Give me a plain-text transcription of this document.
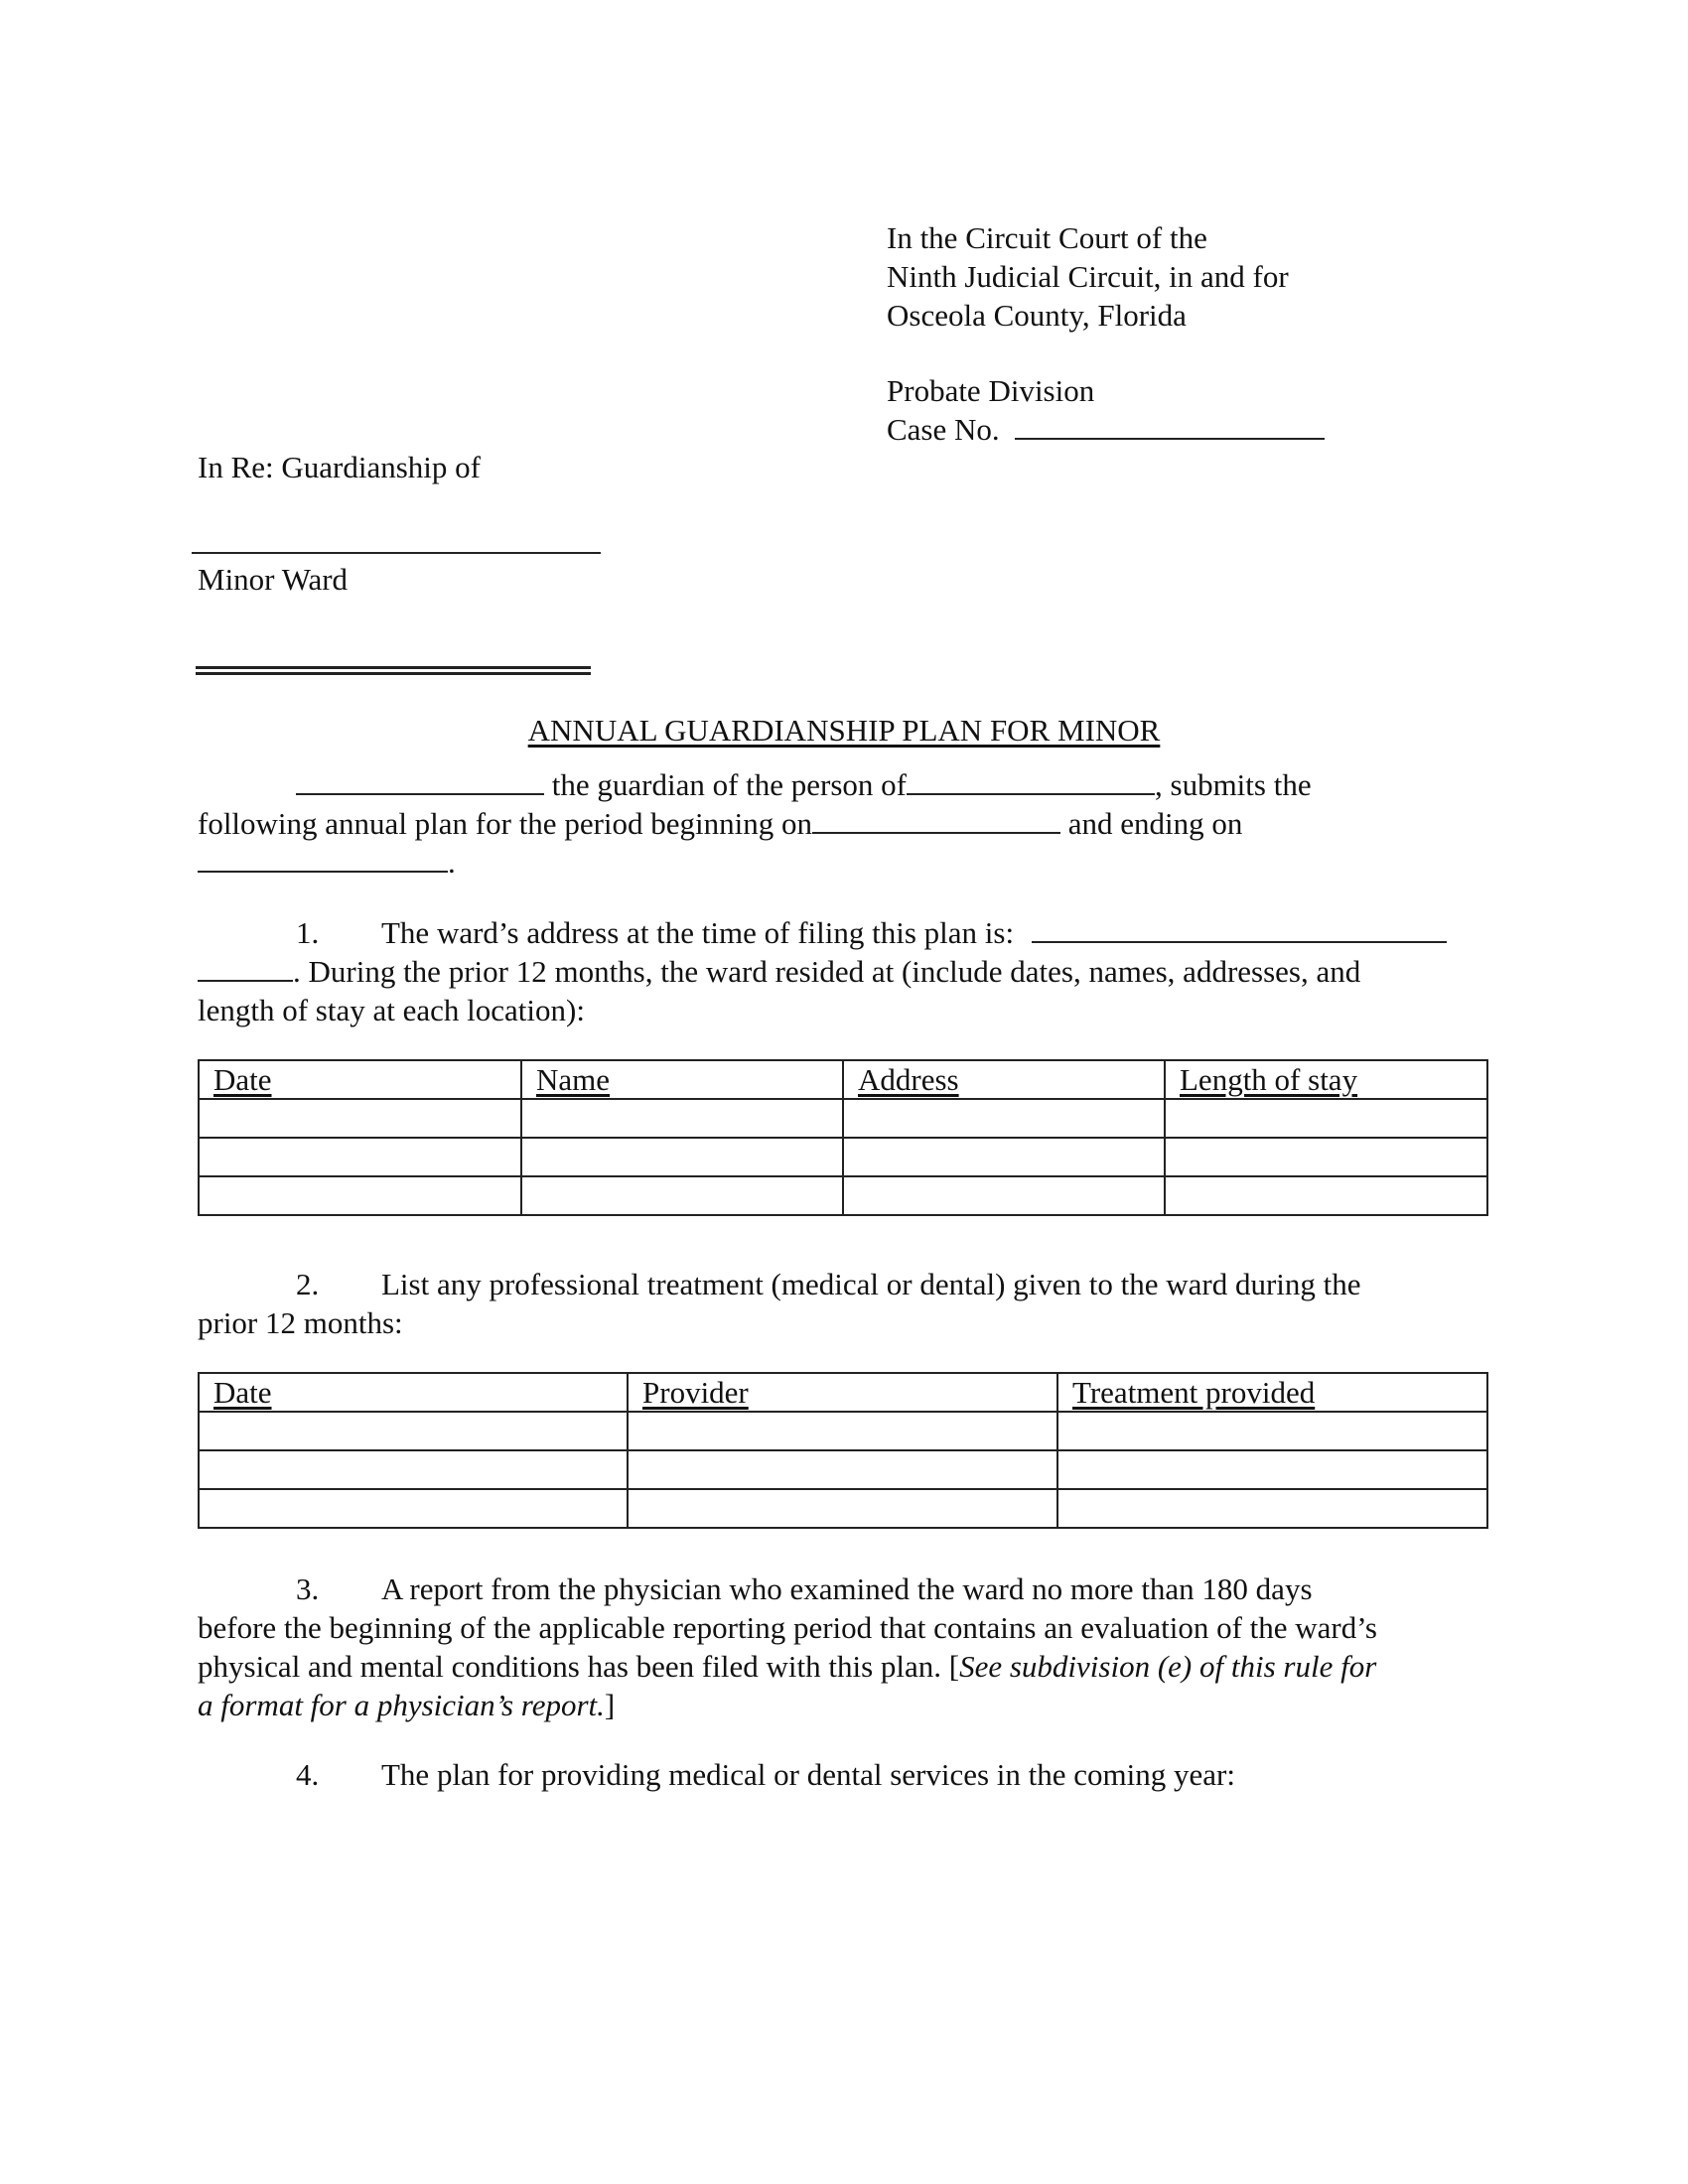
In the Circuit Court of the
Ninth Judicial Circuit, in and for
Osceola County, Florida
Probate Division
Case No.
In Re: Guardianship of
Minor Ward
ANNUAL GUARDIANSHIP PLAN FOR MINOR
the guardian of the person of	, submits the
following annual plan for the period beginning on	and ending on
.
1. The ward’s address at the time of filing this plan is:
. During the prior 12 months, the ward resided at (include dates, names, addresses, and
length of stay at each location):
Date	Name	Address	Length of stay

2. List any professional treatment (medical or dental) given to the ward during the
prior 12 months:
Date	Provider	Treatment provided

3. A report from the physician who examined the ward no more than 180 days
before the beginning of the applicable reporting period that contains an evaluation of the ward’s
physical and mental conditions has been filed with this plan. [See subdivision (e) of this rule for
a format for a physician’s report.]
4. The plan for providing medical or dental services in the coming year:
